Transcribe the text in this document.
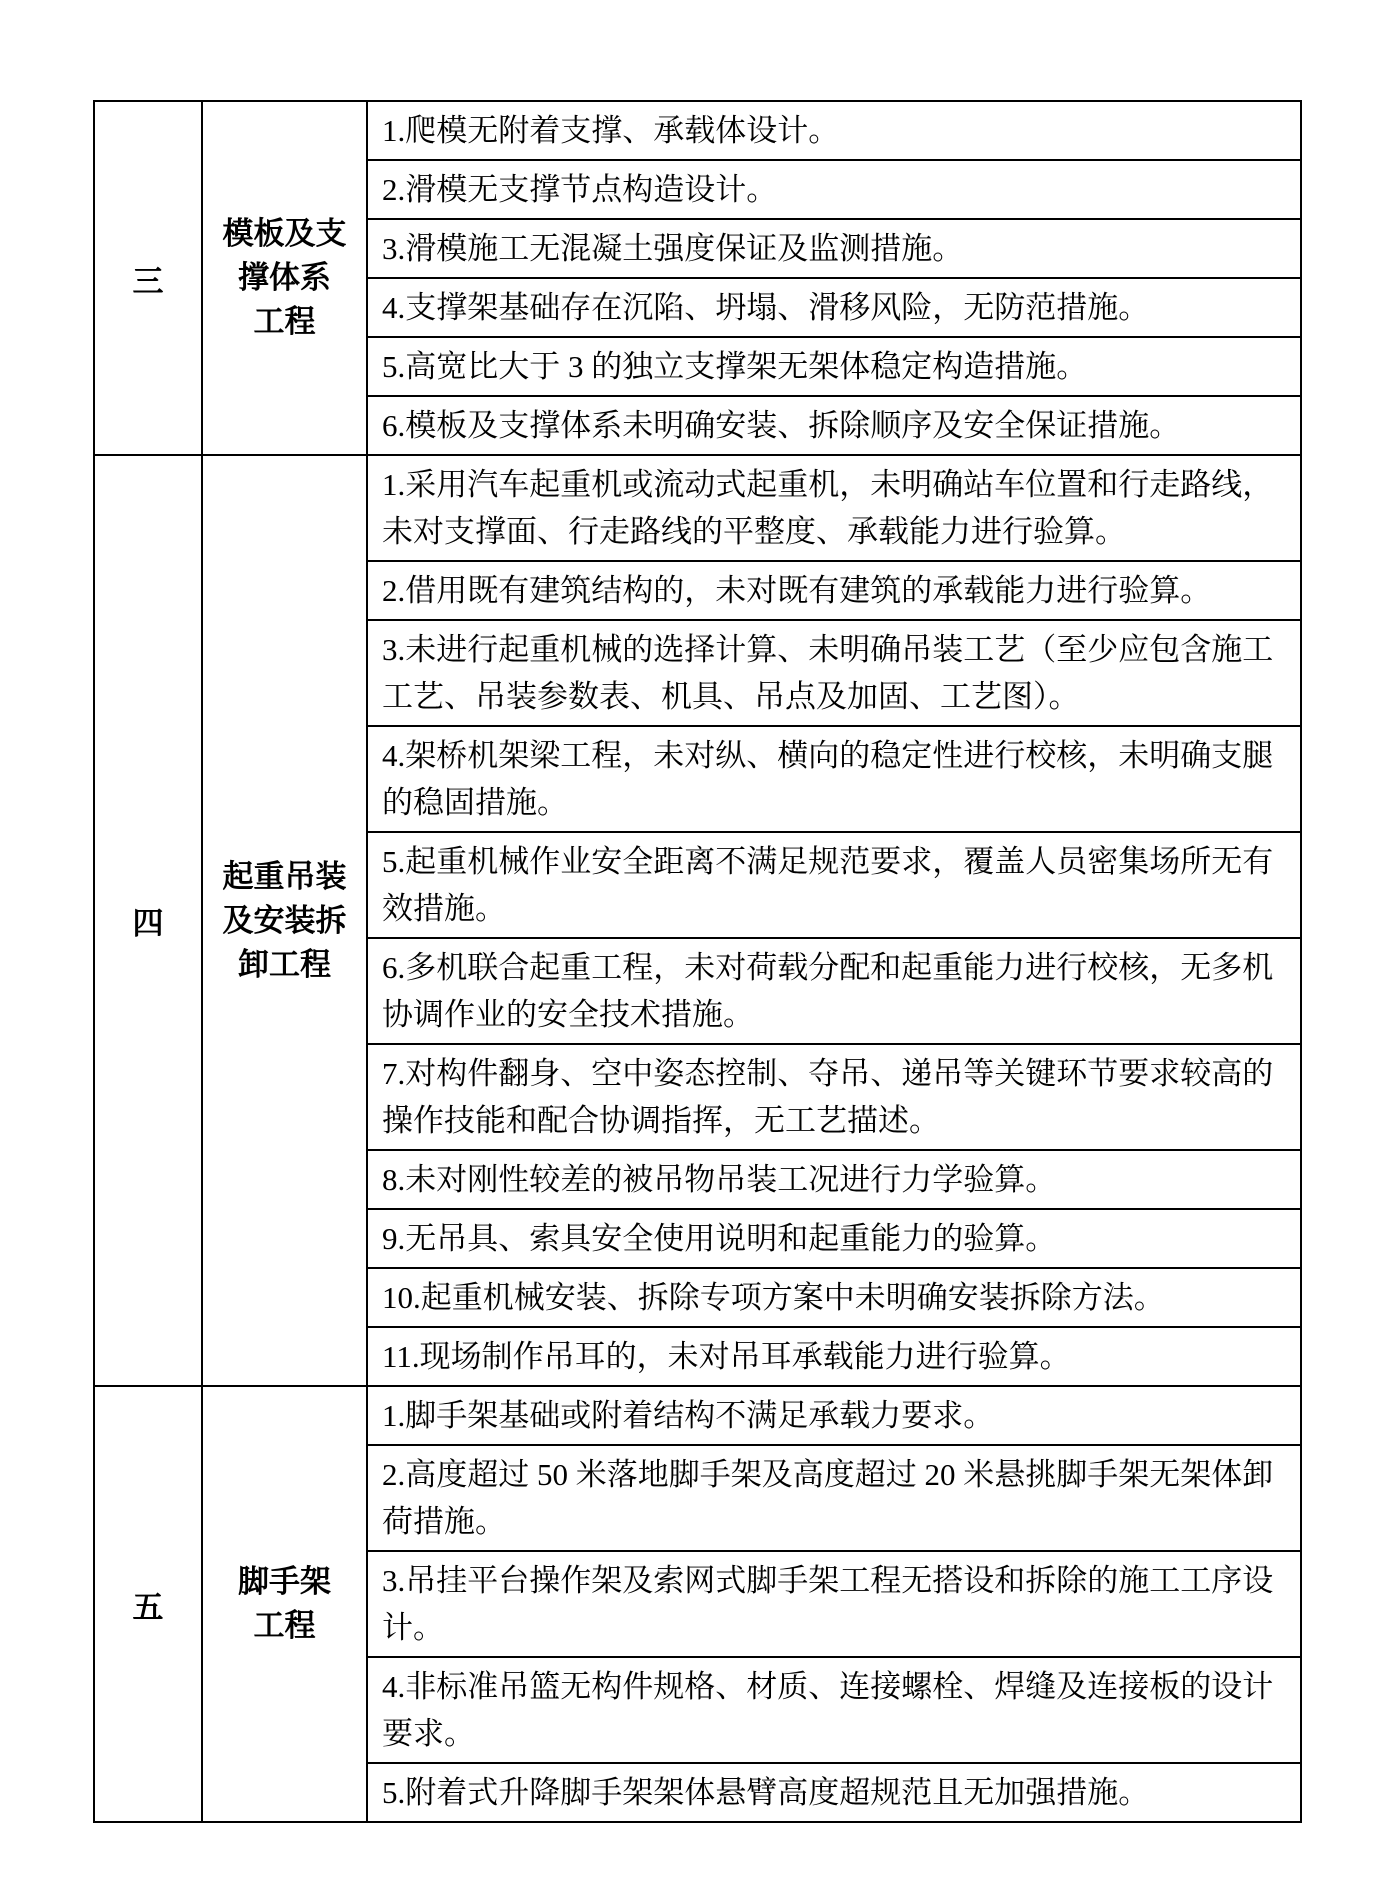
三
模板及支
撑体系
工程
1.爬模无附着支撑、承载体设计。
2.滑模无支撑节点构造设计。
3.滑模施工无混凝土强度保证及监测措施。
4.支撑架基础存在沉陷、坍塌、滑移风险，无防范措施。
5.高宽比大于 3 的独立支撑架无架体稳定构造措施。
6.模板及支撑体系未明确安装、拆除顺序及安全保证措施。
四
起重吊装
及安装拆
卸工程
1.采用汽车起重机或流动式起重机，未明确站车位置和行走路线，未对支撑面、行走路线的平整度、承载能力进行验算。
2.借用既有建筑结构的，未对既有建筑的承载能力进行验算。
3.未进行起重机械的选择计算、未明确吊装工艺（至少应包含施工工艺、吊装参数表、机具、吊点及加固、工艺图）。
4.架桥机架梁工程，未对纵、横向的稳定性进行校核，未明确支腿的稳固措施。
5.起重机械作业安全距离不满足规范要求，覆盖人员密集场所无有效措施。
6.多机联合起重工程，未对荷载分配和起重能力进行校核，无多机协调作业的安全技术措施。
7.对构件翻身、空中姿态控制、夺吊、递吊等关键环节要求较高的操作技能和配合协调指挥，无工艺描述。
8.未对刚性较差的被吊物吊装工况进行力学验算。
9.无吊具、索具安全使用说明和起重能力的验算。
10.起重机械安装、拆除专项方案中未明确安装拆除方法。
11.现场制作吊耳的，未对吊耳承载能力进行验算。
五
脚手架
工程
1.脚手架基础或附着结构不满足承载力要求。
2.高度超过 50 米落地脚手架及高度超过 20 米悬挑脚手架无架体卸荷措施。
3.吊挂平台操作架及索网式脚手架工程无搭设和拆除的施工工序设计。
4.非标准吊篮无构件规格、材质、连接螺栓、焊缝及连接板的设计要求。
5.附着式升降脚手架架体悬臂高度超规范且无加强措施。
